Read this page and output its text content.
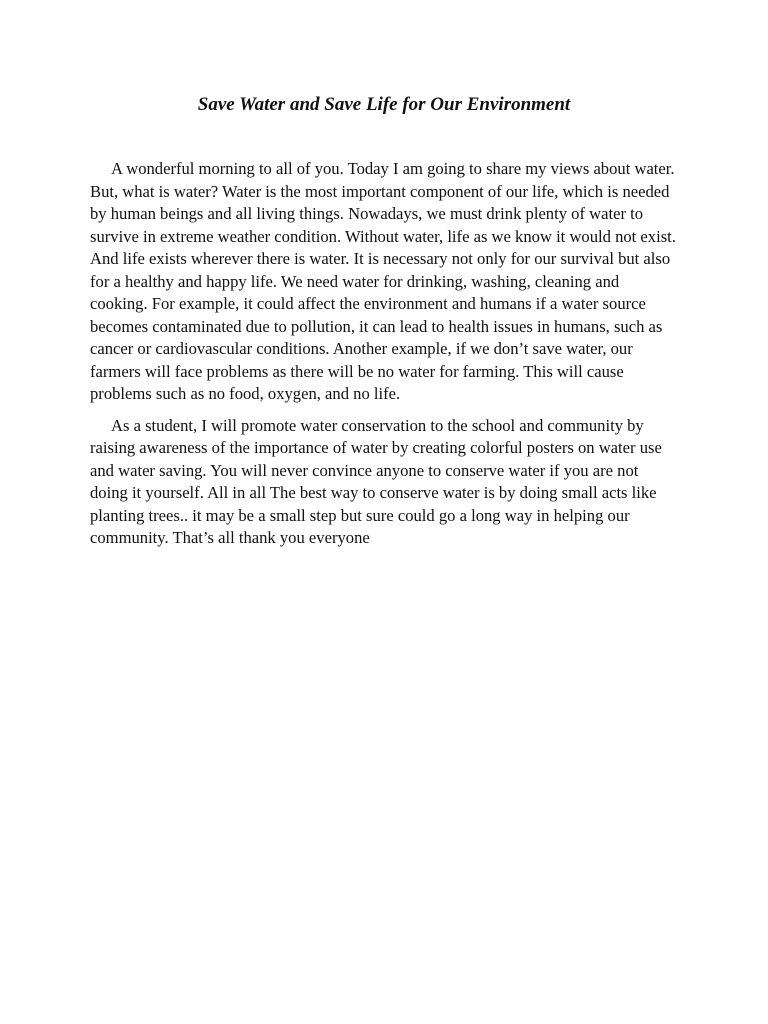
Save Water and Save Life for Our Environment

A wonderful morning to all of you. Today I am going to share my views about water. But, what is water? Water is the most important component of our life, which is needed by human beings and all living things. Nowadays, we must drink plenty of water to survive in extreme weather condition. Without water, life as we know it would not exist. And life exists wherever there is water. It is necessary not only for our survival but also for a healthy and happy life. We need water for drinking, washing, cleaning and cooking. For example, it could affect the environment and humans if a water source becomes contaminated due to pollution, it can lead to health issues in humans, such as cancer or cardiovascular conditions. Another example, if we don’t save water, our farmers will face problems as there will be no water for farming. This will cause problems such as no food, oxygen, and no life.

As a student, I will promote water conservation to the school and community by raising awareness of the importance of water by creating colorful posters on water use and water saving. You will never convince anyone to conserve water if you are not doing it yourself. All in all The best way to conserve water is by doing small acts like planting trees.. it may be a small step but sure could go a long way in helping our community. That’s all thank you everyone
